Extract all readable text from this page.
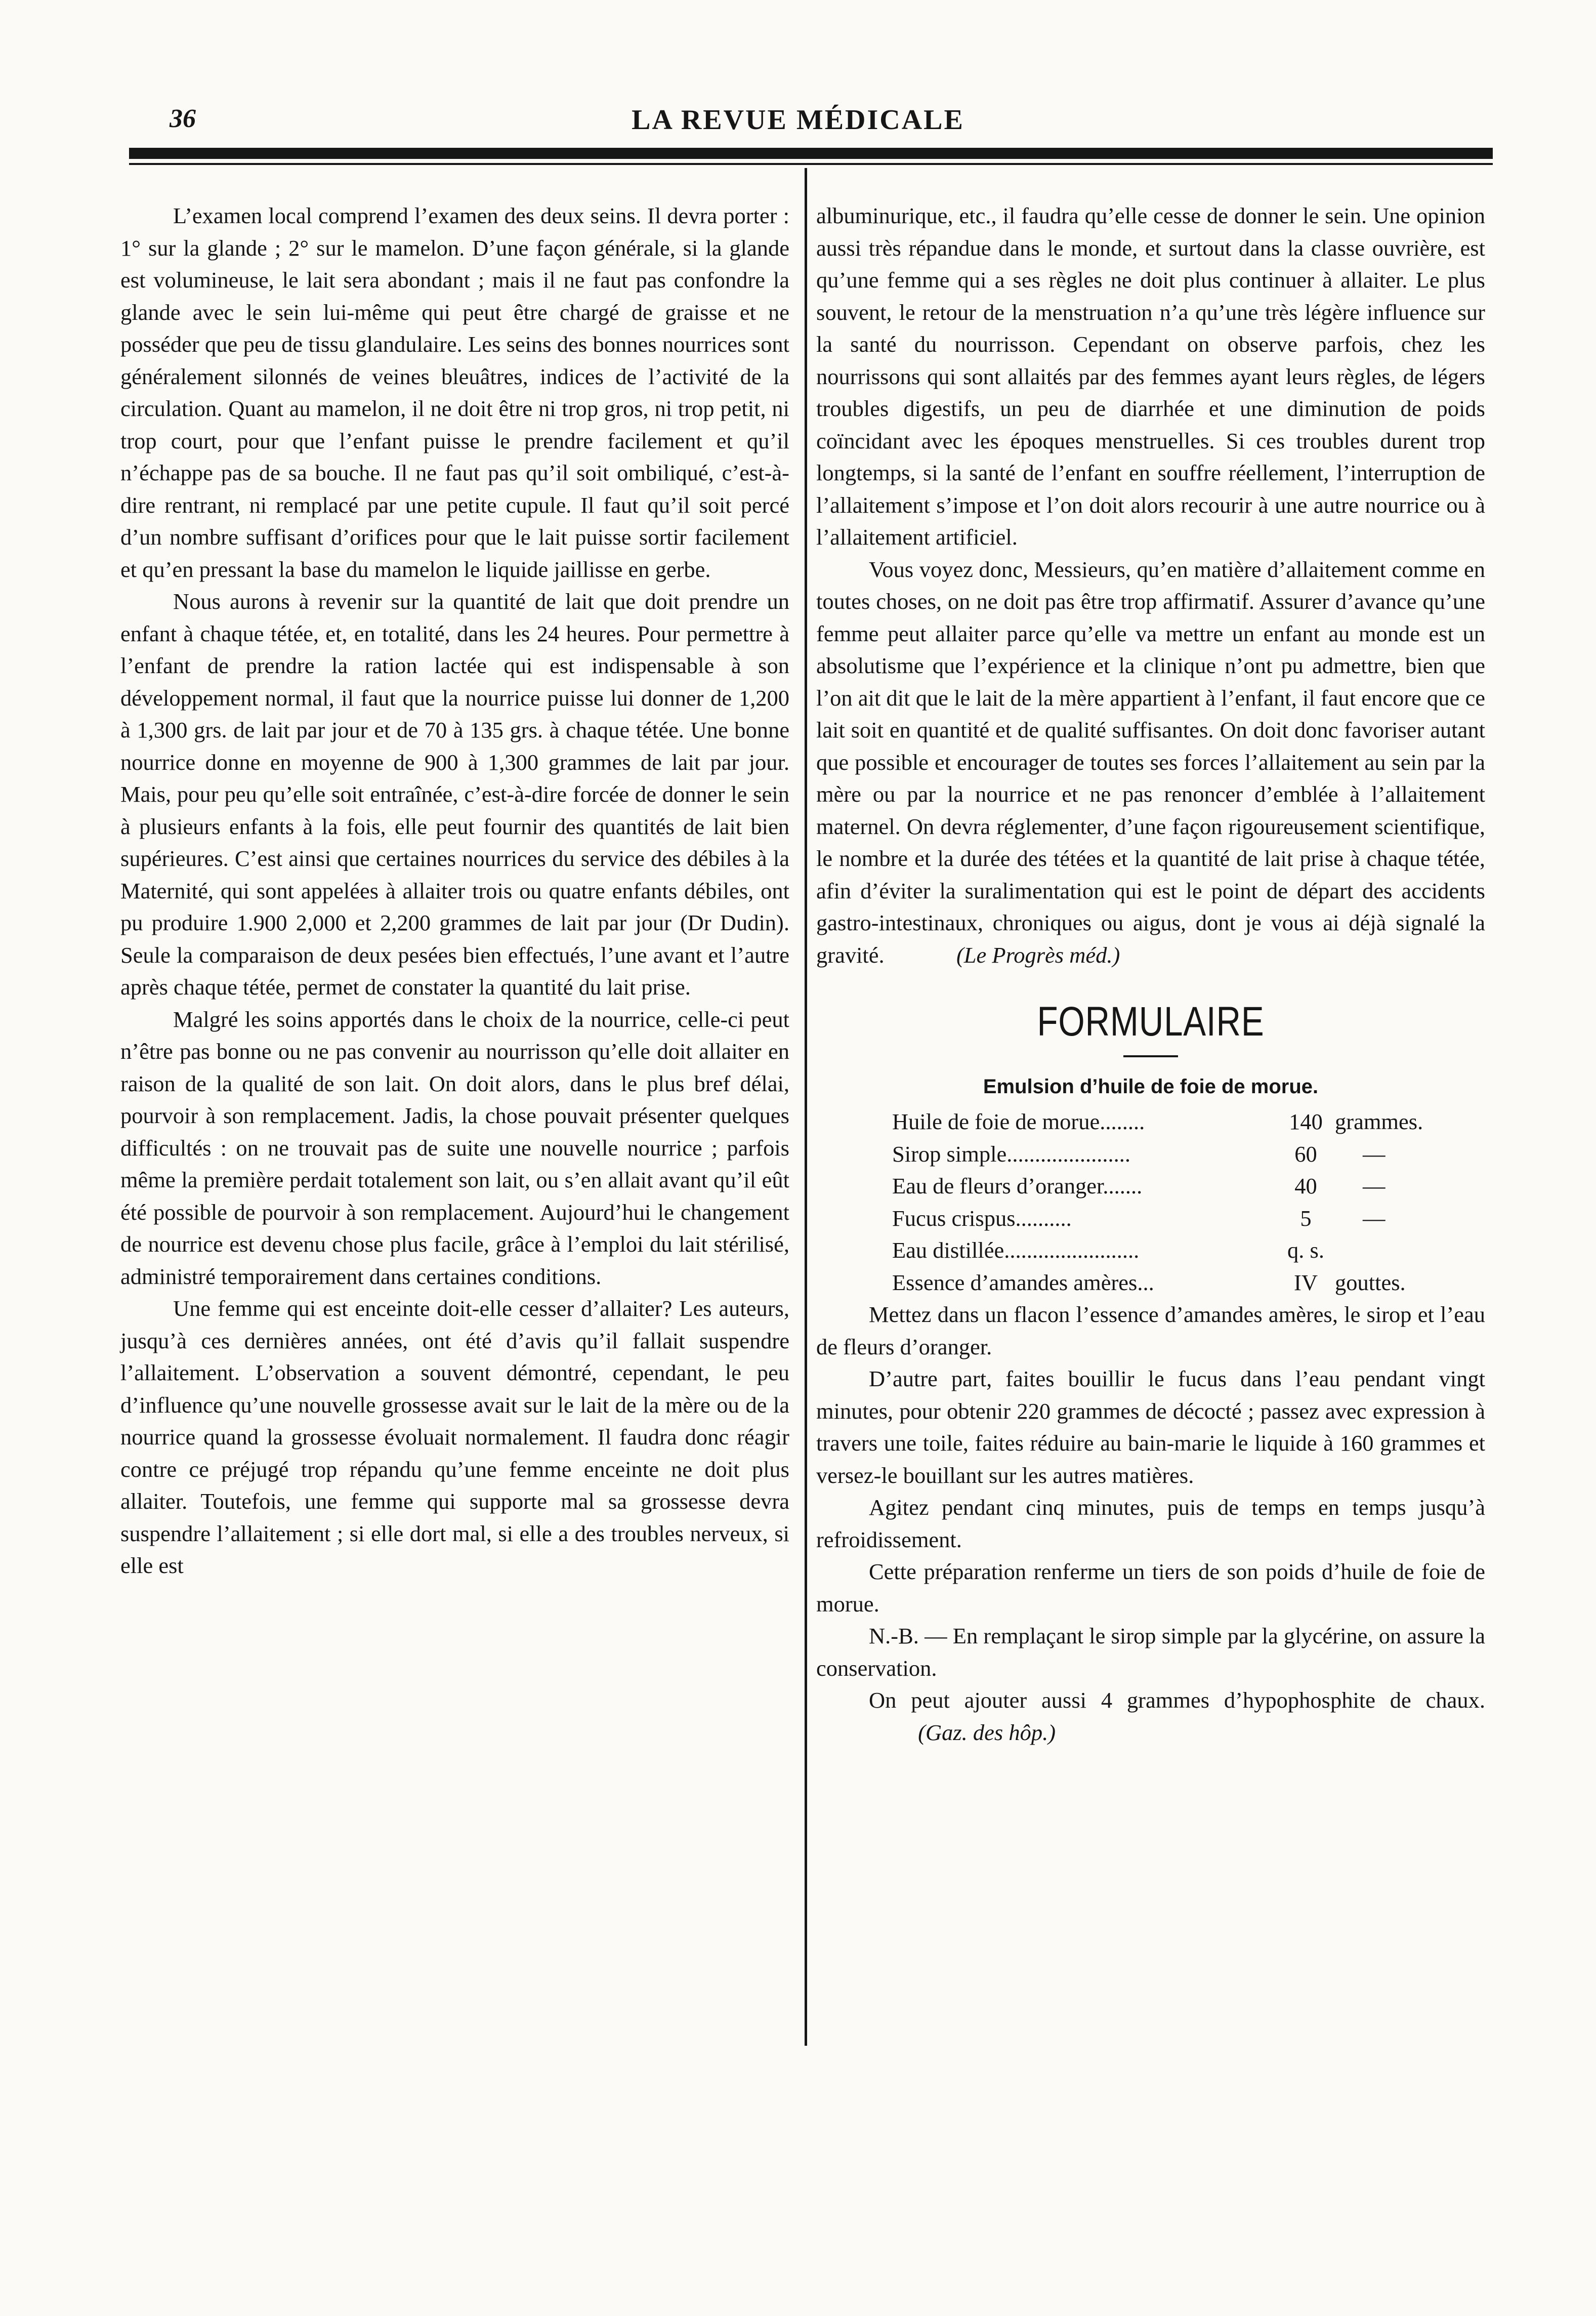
36	LA REVUE MÉDICALE

L’examen local comprend l’examen des deux seins. Il devra porter : 1° sur la glande ; 2° sur le mamelon. D’une façon générale, si la glande est volumineuse, le lait sera abondant ; mais il ne faut pas confondre la glande avec le sein lui-même qui peut être chargé de graisse et ne posséder que peu de tissu glandulaire. Les seins des bonnes nourrices sont généralement silonnés de veines bleuâtres, indices de l’activité de la circulation. Quant au mamelon, il ne doit être ni trop gros, ni trop petit, ni trop court, pour que l’enfant puisse le prendre facilement et qu’il n’échappe pas de sa bouche. Il ne faut pas qu’il soit ombiliqué, c’est-à-dire rentrant, ni remplacé par une petite cupule. Il faut qu’il soit percé d’un nombre suffisant d’orifices pour que le lait puisse sortir facilement et qu’en pressant la base du mamelon le liquide jaillisse en gerbe.

Nous aurons à revenir sur la quantité de lait que doit prendre un enfant à chaque tétée, et, en totalité, dans les 24 heures. Pour permettre à l’enfant de prendre la ration lactée qui est indispensable à son développement normal, il faut que la nourrice puisse lui donner de 1,200 à 1,300 grs. de lait par jour et de 70 à 135 grs. à chaque tétée. Une bonne nourrice donne en moyenne de 900 à 1,300 grammes de lait par jour. Mais, pour peu qu’elle soit entraînée, c’est-à-dire forcée de donner le sein à plusieurs enfants à la fois, elle peut fournir des quantités de lait bien supérieures. C’est ainsi que certaines nourrices du service des débiles à la Maternité, qui sont appelées à allaiter trois ou quatre enfants débiles, ont pu produire 1.900 2,000 et 2,200 grammes de lait par jour (Dr Dudin). Seule la comparaison de deux pesées bien effectués, l’une avant et l’autre après chaque tétée, permet de constater la quantité du lait prise.

Malgré les soins apportés dans le choix de la nourrice, celle-ci peut n’être pas bonne ou ne pas convenir au nourrisson qu’elle doit allaiter en raison de la qualité de son lait. On doit alors, dans le plus bref délai, pourvoir à son remplacement. Jadis, la chose pouvait présenter quelques difficultés : on ne trouvait pas de suite une nouvelle nourrice ; parfois même la première perdait totalement son lait, ou s’en allait avant qu’il eût été possible de pourvoir à son remplacement. Aujourd’hui le changement de nourrice est devenu chose plus facile, grâce à l’emploi du lait stérilisé, administré temporairement dans certaines conditions.

Une femme qui est enceinte doit-elle cesser d’allaiter? Les auteurs, jusqu’à ces dernières années, ont été d’avis qu’il fallait suspendre l’allaitement. L’observation a souvent démontré, cependant, le peu d’influence qu’une nouvelle grossesse avait sur le lait de la mère ou de la nourrice quand la grossesse évoluait normalement. Il faudra donc réagir contre ce préjugé trop répandu qu’une femme enceinte ne doit plus allaiter. Toutefois, une femme qui supporte mal sa grossesse devra suspendre l’allaitement ; si elle dort mal, si elle a des troubles nerveux, si elle est

albuminurique, etc., il faudra qu’elle cesse de donner le sein. Une opinion aussi très répandue dans le monde, et surtout dans la classe ouvrière, est qu’une femme qui a ses règles ne doit plus continuer à allaiter. Le plus souvent, le retour de la menstruation n’a qu’une très légère influence sur la santé du nourrisson. Cependant on observe parfois, chez les nourrissons qui sont allaités par des femmes ayant leurs règles, de légers troubles digestifs, un peu de diarrhée et une diminution de poids coïncidant avec les époques menstruelles. Si ces troubles durent trop longtemps, si la santé de l’enfant en souffre réellement, l’interruption de l’allaitement s’impose et l’on doit alors recourir à une autre nourrice ou à l’allaitement artificiel.

Vous voyez donc, Messieurs, qu’en matière d’allaitement comme en toutes choses, on ne doit pas être trop affirmatif. Assurer d’avance qu’une femme peut allaiter parce qu’elle va mettre un enfant au monde est un absolutisme que l’expérience et la clinique n’ont pu admettre, bien que l’on ait dit que le lait de la mère appartient à l’enfant, il faut encore que ce lait soit en quantité et de qualité suffisantes. On doit donc favoriser autant que possible et encourager de toutes ses forces l’allaitement au sein par la mère ou par la nourrice et ne pas renoncer d’emblée à l’allaitement maternel. On devra réglementer, d’une façon rigoureusement scientifique, le nombre et la durée des tétées et la quantité de lait prise à chaque tétée, afin d’éviter la suralimentation qui est le point de départ des accidents gastro-intestinaux, chroniques ou aigus, dont je vous ai déjà signalé la gravité.	(Le Progrès méd.)

FORMULAIRE
Emulsion d’huile de foie de morue.
Huile de foie de morue........	140 grammes.
Sirop simple......................	60	—
Eau de fleurs d’oranger.......	40	—
Fucus crispus..........	5	—
Eau distillée........................	q. s.
Essence d’amandes amères...	IV gouttes.

Mettez dans un flacon l’essence d’amandes amères, le sirop et l’eau de fleurs d’oranger.

D’autre part, faites bouillir le fucus dans l’eau pendant vingt minutes, pour obtenir 220 grammes de décocté ; passez avec expression à travers une toile, faites réduire au bain-marie le liquide à 160 grammes et versez-le bouillant sur les autres matières.

Agitez pendant cinq minutes, puis de temps en temps jusqu’à refroidissement.

Cette préparation renferme un tiers de son poids d’huile de foie de morue.

N.-B. — En remplaçant le sirop simple par la glycérine, on assure la conservation.

On peut ajouter aussi 4 grammes d’hypophosphite de chaux.  (Gaz. des hôp.)
